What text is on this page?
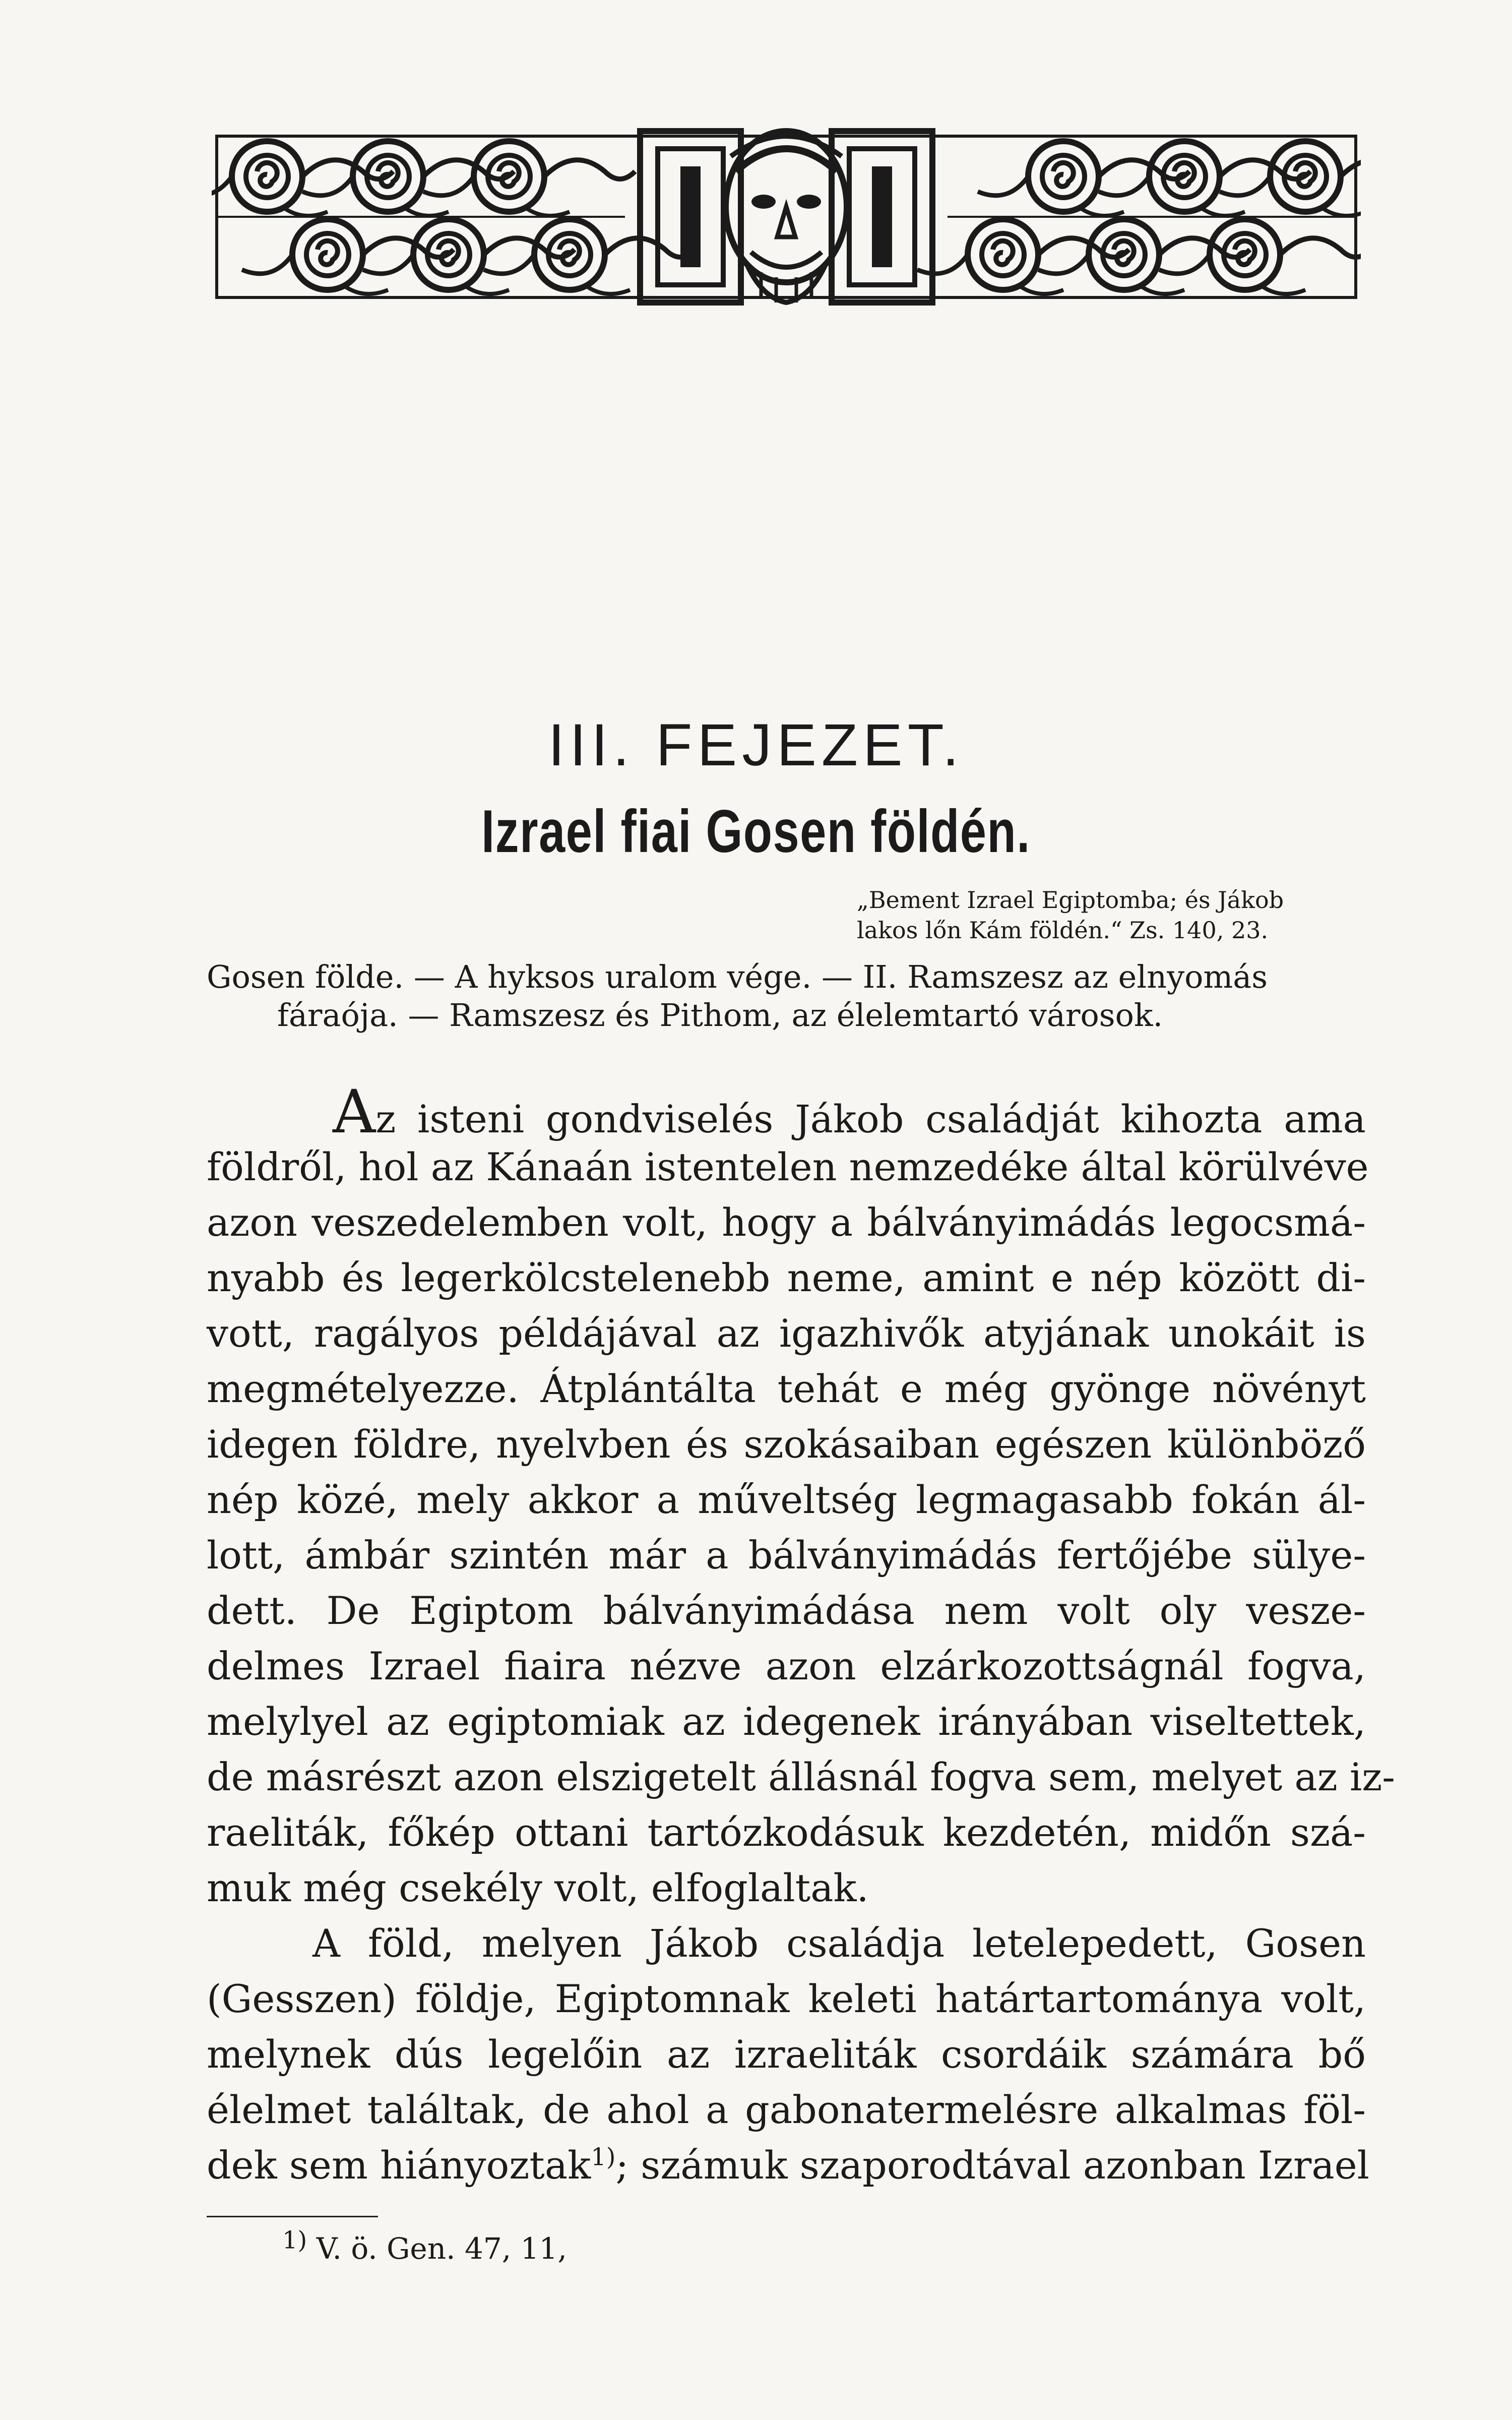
III. FEJEZET.
Izrael fiai Gosen földén.
„Bement Izrael Egiptomba; és Jákob
lakos lőn Kám földén.“ Zs. 140, 23.
Gosen földe. — A hyksos uralom vége. — II. Ramszesz az elnyomás
fáraója. — Ramszesz és Pithom, az élelemtartó városok.
Az isteni gondviselés Jákob családját kihozta ama
földről, hol az Kánaán istentelen nemzedéke által körülvéve
azon veszedelemben volt, hogy a bálványimádás legocsmá-
nyabb és legerkölcstelenebb neme, amint e nép között di-
vott, ragályos példájával az igazhivők atyjának unokáit is
megmételyezze. Átplántálta tehát e még gyönge növényt
idegen földre, nyelvben és szokásaiban egészen különböző
nép közé, mely akkor a műveltség legmagasabb fokán ál-
lott, ámbár szintén már a bálványimádás fertőjébe sülye-
dett. De Egiptom bálványimádása nem volt oly vesze-
delmes Izrael fiaira nézve azon elzárkozottságnál fogva,
melylyel az egiptomiak az idegenek irányában viseltettek,
de másrészt azon elszigetelt állásnál fogva sem, melyet az iz-
raeliták, főkép ottani tartózkodásuk kezdetén, midőn szá-
muk még csekély volt, elfoglaltak.
A föld, melyen Jákob családja letelepedett, Gosen
(Gesszen) földje, Egiptomnak keleti határtartománya volt,
melynek dús legelőin az izraeliták csordáik számára bő
élelmet találtak, de ahol a gabonatermelésre alkalmas föl-
dek sem hiányoztak$^{1)}$; számuk szaporodtával azonban Izrael
$^{1)}$ V. ö. Gen. 47, 11,
